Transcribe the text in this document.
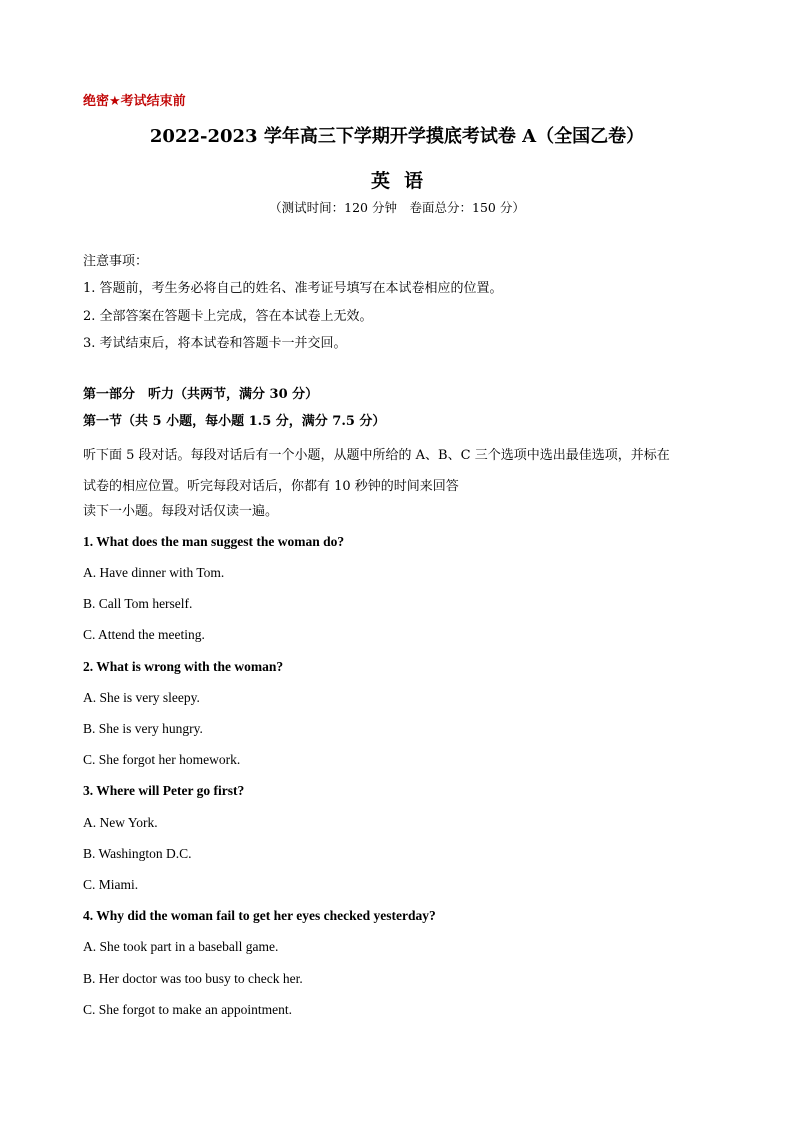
绝密★考试结束前
2022-2023 学年高三下学期开学摸底考试卷 A（全国乙卷）
英语
（测试时间：120 分钟　卷面总分：150 分）
注意事项：
1. 答题前，考生务必将自己的姓名、准考证号填写在本试卷相应的位置。
2. 全部答案在答题卡上完成，答在本试卷上无效。
3. 考试结束后，将本试卷和答题卡一并交回。
第一部分　听力（共两节，满分 30 分）
第一节（共 5 小题，每小题 1.5 分，满分 7.5 分）
听下面 5 段对话。每段对话后有一个小题，从题中所给的 A、B、C 三个选项中选出最佳选项，并标在
试卷的相应位置。听完每段对话后，你都有 10 秒钟的时间来回答
读下一小题。每段对话仅读一遍。
1. What does the man suggest the woman do?
A. Have dinner with Tom.
B. Call Tom herself.
C. Attend the meeting.
2. What is wrong with the woman?
A. She is very sleepy.
B. She is very hungry.
C. She forgot her homework.
3. Where will Peter go first?
A. New York.
B. Washington D.C.
C. Miami.
4. Why did the woman fail to get her eyes checked yesterday?
A. She took part in a baseball game.
B. Her doctor was too busy to check her.
C. She forgot to make an appointment.
